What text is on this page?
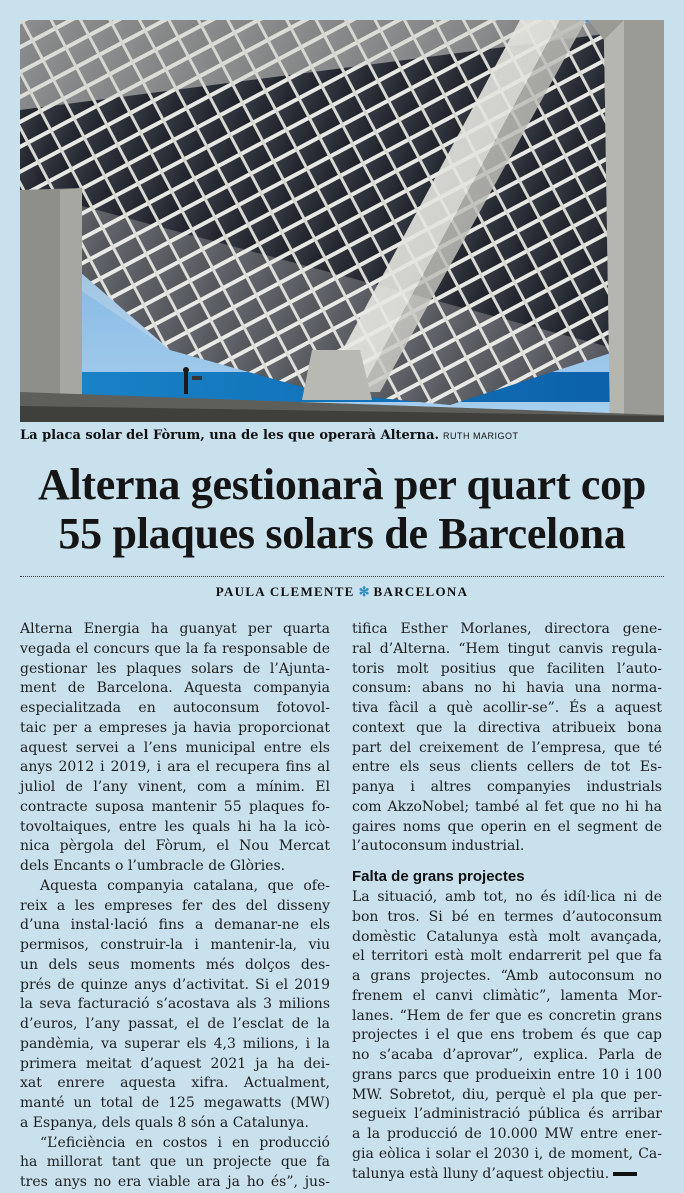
La placa solar del Fòrum, una de les que operarà Alterna. RUTH MARIGOT
Alterna gestionarà per quart cop
55 plaques solars de Barcelona
PAULA CLEMENTE ✻ BARCELONA
Alterna Energia ha guanyat per quarta
vegada el concurs que la fa responsable de
gestionar les plaques solars de l’Ajunta-
ment de Barcelona. Aquesta companyia
especialitzada en autoconsum fotovol-
taic per a empreses ja havia proporcionat
aquest servei a l’ens municipal entre els
anys 2012 i 2019, i ara el recupera fins al
juliol de l’any vinent, com a mínim. El
contracte suposa mantenir 55 plaques fo-
tovoltaiques, entre les quals hi ha la icò-
nica pèrgola del Fòrum, el Nou Mercat
dels Encants o l’umbracle de Glòries.
Aquesta companyia catalana, que ofe-
reix a les empreses fer des del disseny
d’una instal·lació fins a demanar-ne els
permisos, construir-la i mantenir-la, viu
un dels seus moments més dolços des-
prés de quinze anys d’activitat. Si el 2019
la seva facturació s’acostava als 3 milions
d’euros, l’any passat, el de l’esclat de la
pandèmia, va superar els 4,3 milions, i la
primera meitat d’aquest 2021 ja ha dei-
xat enrere aquesta xifra. Actualment,
manté un total de 125 megawatts (MW)
a Espanya, dels quals 8 són a Catalunya.
“L’eficiència en costos i en producció
ha millorat tant que un projecte que fa
tres anys no era viable ara ja ho és”, jus-
tifica Esther Morlanes, directora gene-
ral d’Alterna. “Hem tingut canvis regula-
toris molt positius que faciliten l’auto-
consum: abans no hi havia una norma-
tiva fàcil a què acollir-se”. És a aquest
context que la directiva atribueix bona
part del creixement de l’empresa, que té
entre els seus clients cellers de tot Es-
panya i altres companyies industrials
com AkzoNobel; també al fet que no hi ha
gaires noms que operin en el segment de
l’autoconsum industrial.
Falta de grans projectes
La situació, amb tot, no és idíl·lica ni de
bon tros. Si bé en termes d’autoconsum
domèstic Catalunya està molt avançada,
el territori està molt endarrerit pel que fa
a grans projectes. “Amb autoconsum no
frenem el canvi climàtic”, lamenta Mor-
lanes. “Hem de fer que es concretin grans
projectes i el que ens trobem és que cap
no s’acaba d’aprovar”, explica. Parla de
grans parcs que produeixin entre 10 i 100
MW. Sobretot, diu, perquè el pla que per-
segueix l’administració pública és arribar
a la producció de 10.000 MW entre ener-
gia eòlica i solar el 2030 i, de moment, Ca-
talunya està lluny d’aquest objectiu.
